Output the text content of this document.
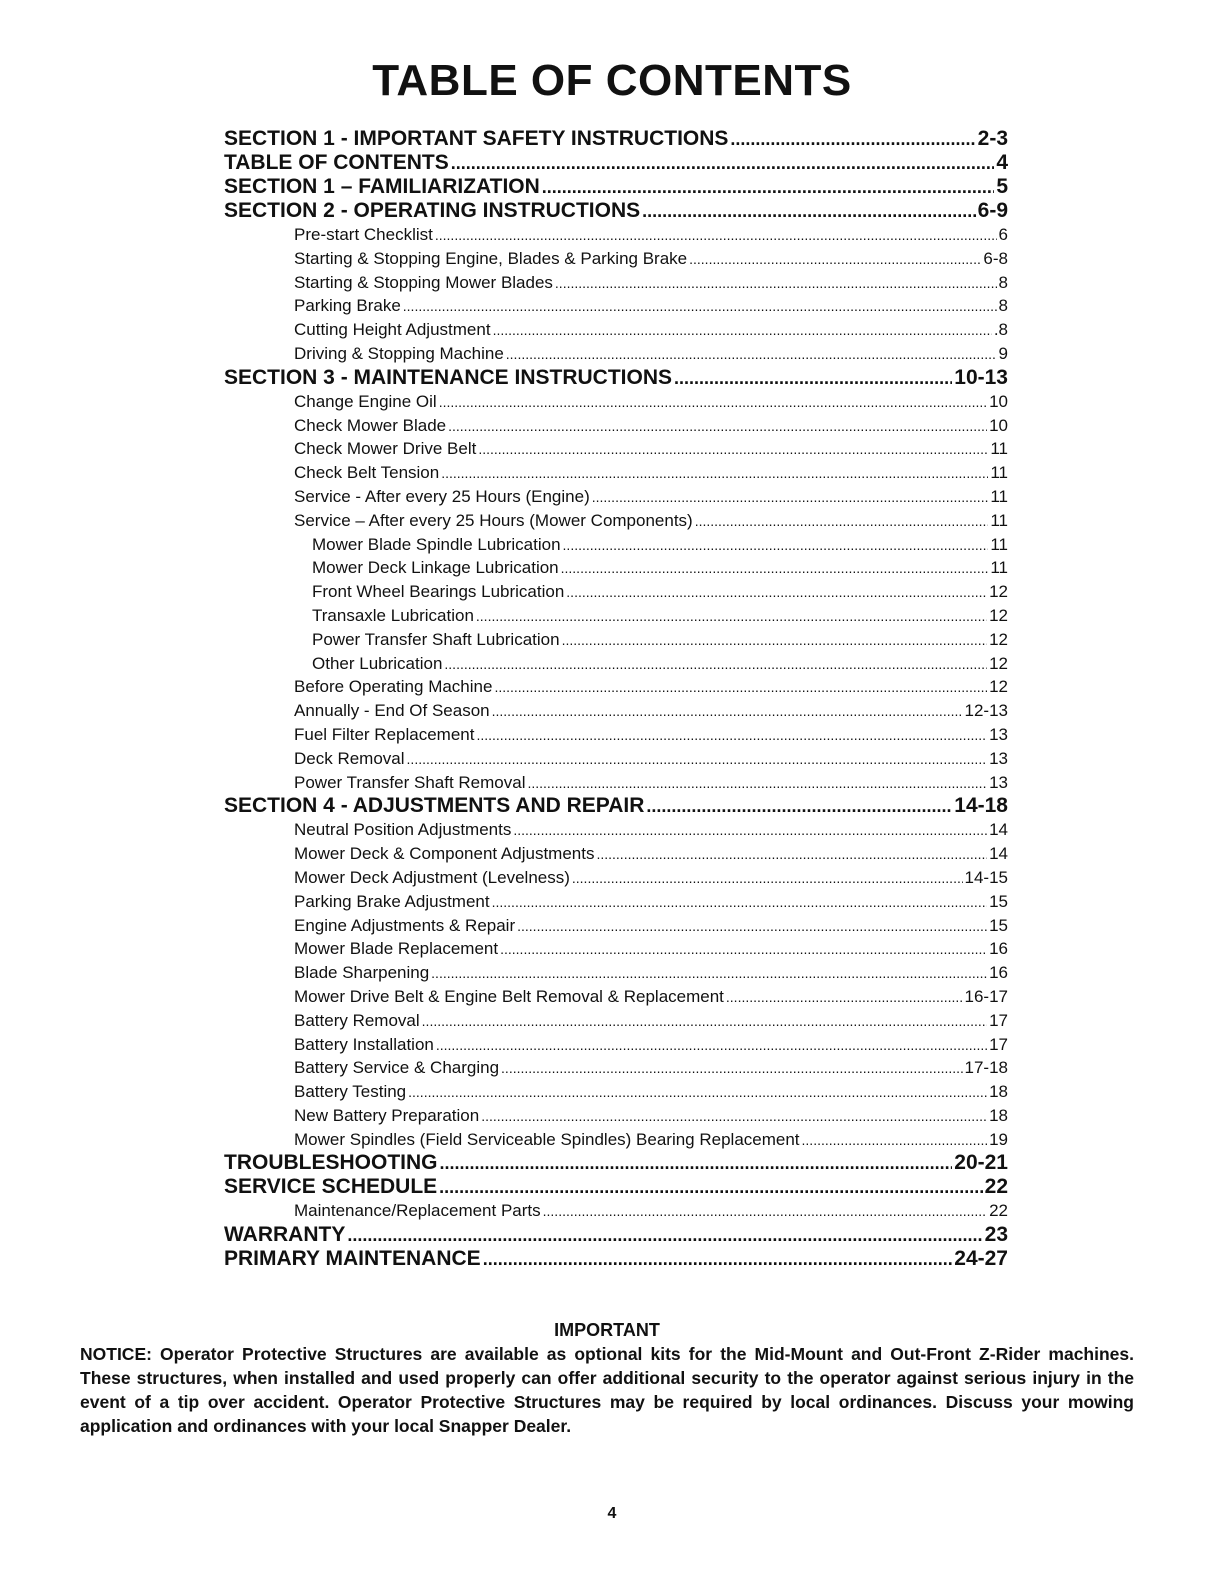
TABLE OF CONTENTS
SECTION 1 - IMPORTANT SAFETY INSTRUCTIONS .....	2-3
TABLE OF CONTENTS .....	4
SECTION 1 – FAMILIARIZATION .....	5
SECTION 2 - OPERATING INSTRUCTIONS .....	6-9
Pre-start Checklist .....	6
Starting & Stopping Engine, Blades & Parking Brake .....	6-8
Starting & Stopping Mower Blades .....	8
Parking Brake .....	8
Cutting Height Adjustment .....	.8
Driving & Stopping Machine .....	9
SECTION 3 - MAINTENANCE INSTRUCTIONS .....	10-13
Change Engine Oil .....	10
Check Mower Blade .....	10
Check Mower Drive Belt .....	11
Check Belt Tension .....	11
Service - After every 25 Hours (Engine) .....	11
Service – After every 25 Hours (Mower Components) .....	11
Mower Blade Spindle Lubrication .....	11
Mower Deck Linkage Lubrication .....	11
Front Wheel Bearings Lubrication .....	12
Transaxle Lubrication .....	12
Power Transfer Shaft Lubrication .....	12
Other Lubrication .....	12
Before Operating Machine .....	12
Annually - End Of Season .....	12-13
Fuel Filter Replacement .....	13
Deck Removal .....	13
Power Transfer Shaft Removal .....	13
SECTION 4 - ADJUSTMENTS AND REPAIR .....	14-18
Neutral Position Adjustments .....	14
Mower Deck & Component Adjustments .....	14
Mower Deck Adjustment (Levelness) .....	14-15
Parking Brake Adjustment .....	15
Engine Adjustments & Repair .....	15
Mower Blade Replacement .....	16
Blade Sharpening .....	16
Mower Drive Belt & Engine Belt Removal & Replacement .....	16-17
Battery Removal .....	17
Battery Installation .....	17
Battery Service & Charging .....	17-18
Battery Testing .....	18
New Battery Preparation .....	18
Mower Spindles (Field Serviceable Spindles) Bearing Replacement .....	19
TROUBLESHOOTING .....	20-21
SERVICE SCHEDULE .....	22
Maintenance/Replacement Parts .....	22
WARRANTY .....	23
PRIMARY MAINTENANCE .....	24-27
IMPORTANT
NOTICE: Operator Protective Structures are available as optional kits for the Mid-Mount and Out-Front Z-Rider machines. These structures, when installed and used properly can offer additional security to the operator against serious injury in the event of a tip over accident. Operator Protective Structures may be required by local ordinances. Discuss your mowing application and ordinances with your local Snapper Dealer.
4
